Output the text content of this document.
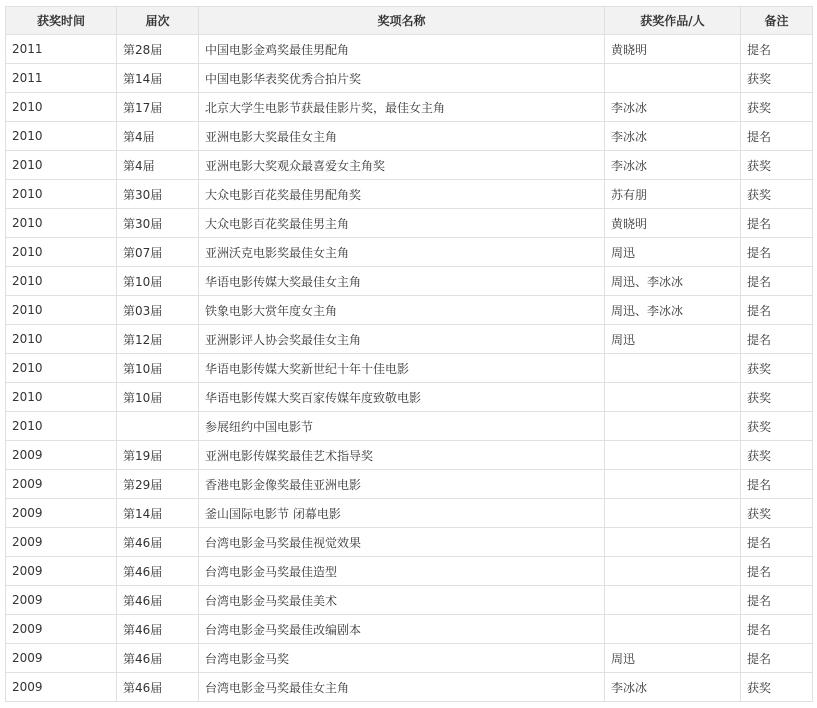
获奖时间	届次	奖项名称	获奖作品/人	备注
2011	第28届	中国电影金鸡奖最佳男配角	黄晓明	提名
2011	第14届	中国电影华表奖优秀合拍片奖		获奖
2010	第17届	北京大学生电影节获最佳影片奖，最佳女主角	李冰冰	获奖
2010	第4届	亚洲电影大奖最佳女主角	李冰冰	提名
2010	第4届	亚洲电影大奖观众最喜爱女主角奖	李冰冰	获奖
2010	第30届	大众电影百花奖最佳男配角奖	苏有朋	获奖
2010	第30届	大众电影百花奖最佳男主角	黄晓明	提名
2010	第07届	亚洲沃克电影奖最佳女主角	周迅	提名
2010	第10届	华语电影传媒大奖最佳女主角	周迅、李冰冰	提名
2010	第03届	铁象电影大赏年度女主角	周迅、李冰冰	提名
2010	第12届	亚洲影评人协会奖最佳女主角	周迅	提名
2010	第10届	华语电影传媒大奖新世纪十年十佳电影		获奖
2010	第10届	华语电影传媒大奖百家传媒年度致敬电影		获奖
2010		参展纽约中国电影节		获奖
2009	第19届	亚洲电影传媒奖最佳艺术指导奖		获奖
2009	第29届	香港电影金像奖最佳亚洲电影		提名
2009	第14届	釜山国际电影节 闭幕电影		获奖
2009	第46届	台湾电影金马奖最佳视觉效果		提名
2009	第46届	台湾电影金马奖最佳造型		提名
2009	第46届	台湾电影金马奖最佳美术		提名
2009	第46届	台湾电影金马奖最佳改编剧本		提名
2009	第46届	台湾电影金马奖	周迅	提名
2009	第46届	台湾电影金马奖最佳女主角	李冰冰	获奖
